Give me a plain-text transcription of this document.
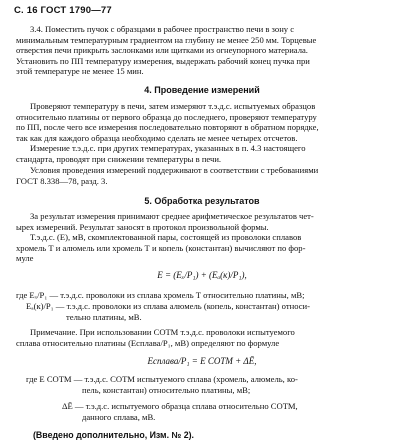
С. 16 ГОСТ 1790—77
3.4. Поместить пучок с образцами в рабочее пространство печи в зону с
минимальным температурным градиентом на глубину не менее 250 мм. Торцевые
отверстия печи прикрыть заслонками или щитками из огнеупорного материала.
Установить по ПП температуру измерения, выдержать рабочий конец пучка при
этой температуре не менее 15 мин.
4. Проведение измерений
Проверяют температуру в печи, затем измеряют т.э.д.с. испытуемых образцов
относительно платины от первого образца до последнего, проверяют температуру
по ПП, после чего все измерения последовательно повторяют в обратном порядке,
так как для каждого образца необходимо сделать не менее четырех отсчетов.
Измерение т.э.д.с. при других температурах, указанных в п. 4.3 настоящего
стандарта, проводят при снижении температуры в печи.
Условия проведения измерений поддерживают в соответствии с требованиями
ГОСТ 8.338—78, разд. 3.
5. Обработка результатов
За результат измерения принимают среднее арифметическое результатов чет-
ырех измерений. Результат заносят в протокол произвольной формы.
Т.э.д.с. (E), мВ, скомплектованной пары, состоящей из проволоки сплавов
хромель Т и алюмель или хромель Т и копель (константан) вычисляют по фор-
муле
E = (Eₓ/P₁) + (Eₐ(к)/P₁),
где Eₓ/P₁ — т.э.д.с. проволоки из сплава хромель Т относительно платины, мВ;
Eₐ(к)/P₁ — т.э.д.с. проволоки из сплава алюмель (копель, константан) относи-
тельно платины, мВ.
Примечание. При использовании СОТМ т.э.д.с. проволоки испытуемого
сплава относительно платины (Eсплава/P₁, мВ) определяют по формуле
Eсплава/P₁ = E СОТМ + ΔĒ,
где E СОТМ — т.э.д.с. СОТМ испытуемого сплава (хромель, алюмель, ко-
пель, константан) относительно платины, мВ;
ΔĒ — т.э.д.с. испытуемого образца сплава относительно СОТМ,
данного сплава, мВ.
(Введено дополнительно, Изм. № 2).
